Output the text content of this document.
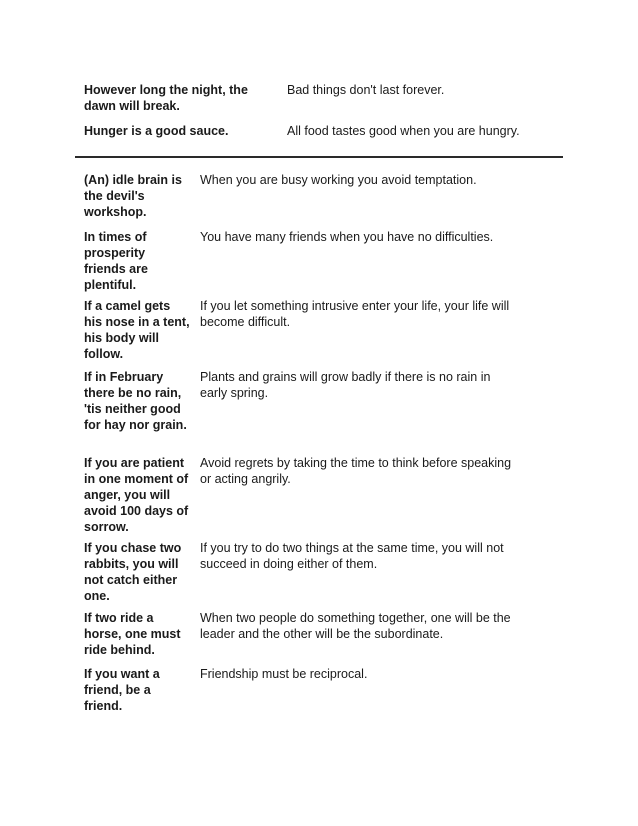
However long the night, the dawn will break.
Bad things don't last forever.
Hunger is a good sauce.	All food tastes good when you are hungry.
(An) idle brain is the devil's workshop.
When you are busy working you avoid temptation.
In times of prosperity friends are plentiful.
You have many friends when you have no difficulties.
If a camel gets his nose in a tent, his body will follow.
If you let something intrusive enter your life, your life will become difficult.
If in February there be no rain, 'tis neither good for hay nor grain.
Plants and grains will grow badly if there is no rain in early spring.
If you are patient in one moment of anger, you will avoid 100 days of sorrow.
Avoid regrets by taking the time to think before speaking or acting angrily.
If you chase two rabbits, you will not catch either one.
If you try to do two things at the same time, you will not succeed in doing either of them.
If two ride a horse, one must ride behind.
When two people do something together, one will be the leader and the other will be the subordinate.
If you want a friend, be a friend.
Friendship must be reciprocal.
